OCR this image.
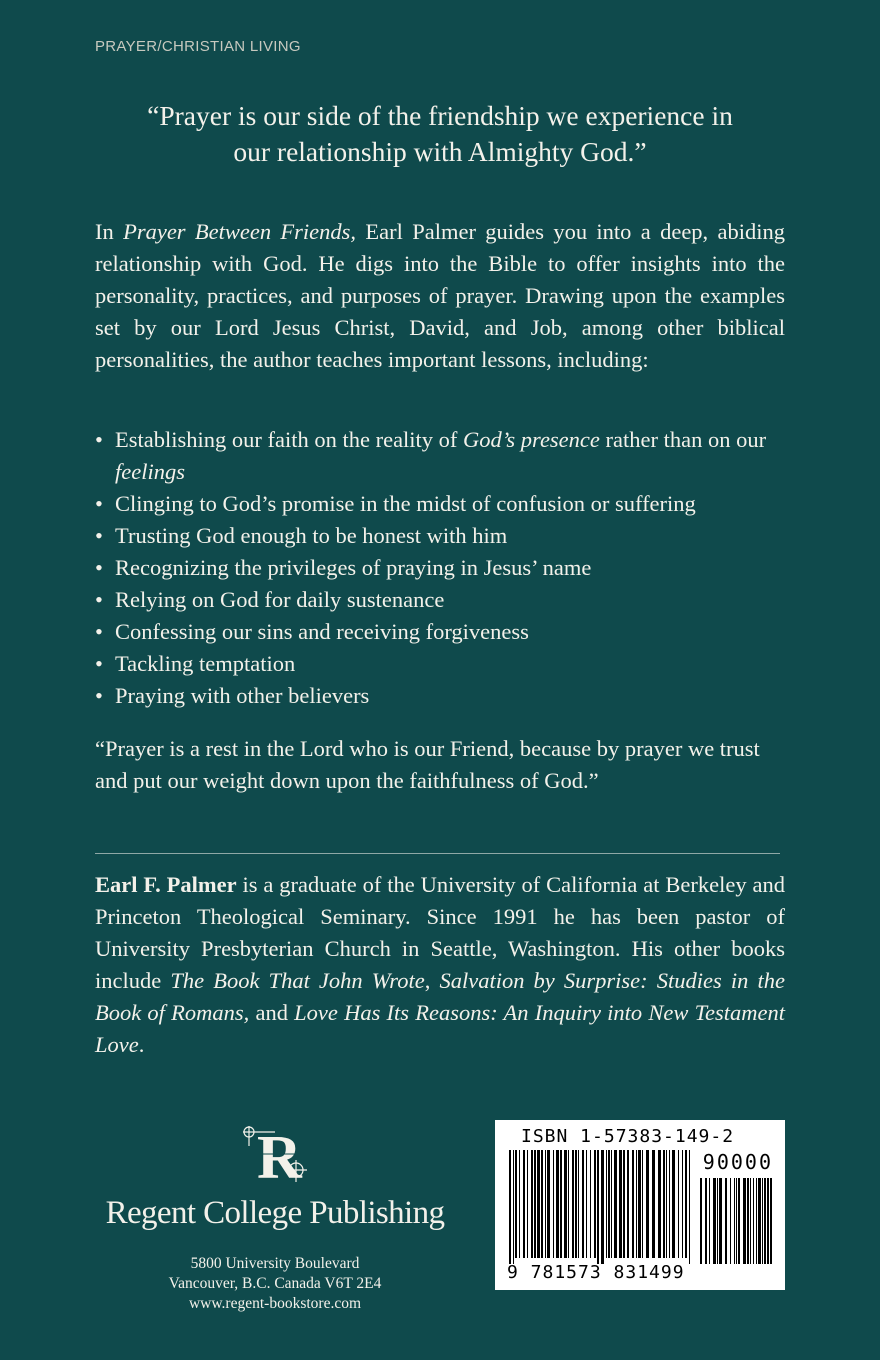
PRAYER/CHRISTIAN LIVING
“Prayer is our side of the friendship we experience in
our relationship with Almighty God.”
In Prayer Between Friends, Earl Palmer guides you into a deep, abiding relationship with God. He digs into the Bible to offer insights into the personality, practices, and purposes of prayer. Drawing upon the examples set by our Lord Jesus Christ, David, and Job, among other biblical personalities, the author teaches important lessons, including:
• Establishing our faith on the reality of God’s presence rather than on our feelings
• Clinging to God’s promise in the midst of confusion or suffering
• Trusting God enough to be honest with him
• Recognizing the privileges of praying in Jesus’ name
• Relying on God for daily sustenance
• Confessing our sins and receiving forgiveness
• Tackling temptation
• Praying with other believers
“Prayer is a rest in the Lord who is our Friend, because by prayer we trust and put our weight down upon the faithfulness of God.”
Earl F. Palmer is a graduate of the University of California at Berkeley and Princeton Theological Seminary. Since 1991 he has been pastor of University Presbyterian Church in Seattle, Washington. His other books include The Book That John Wrote, Salvation by Surprise: Studies in the Book of Romans, and Love Has Its Reasons: An Inquiry into New Testament Love.
R
Regent College Publishing
5800 University Boulevard
Vancouver, B.C. Canada V6T 2E4
www.regent-bookstore.com
ISBN 1-57383-149-2
90000
9 781573 831499
